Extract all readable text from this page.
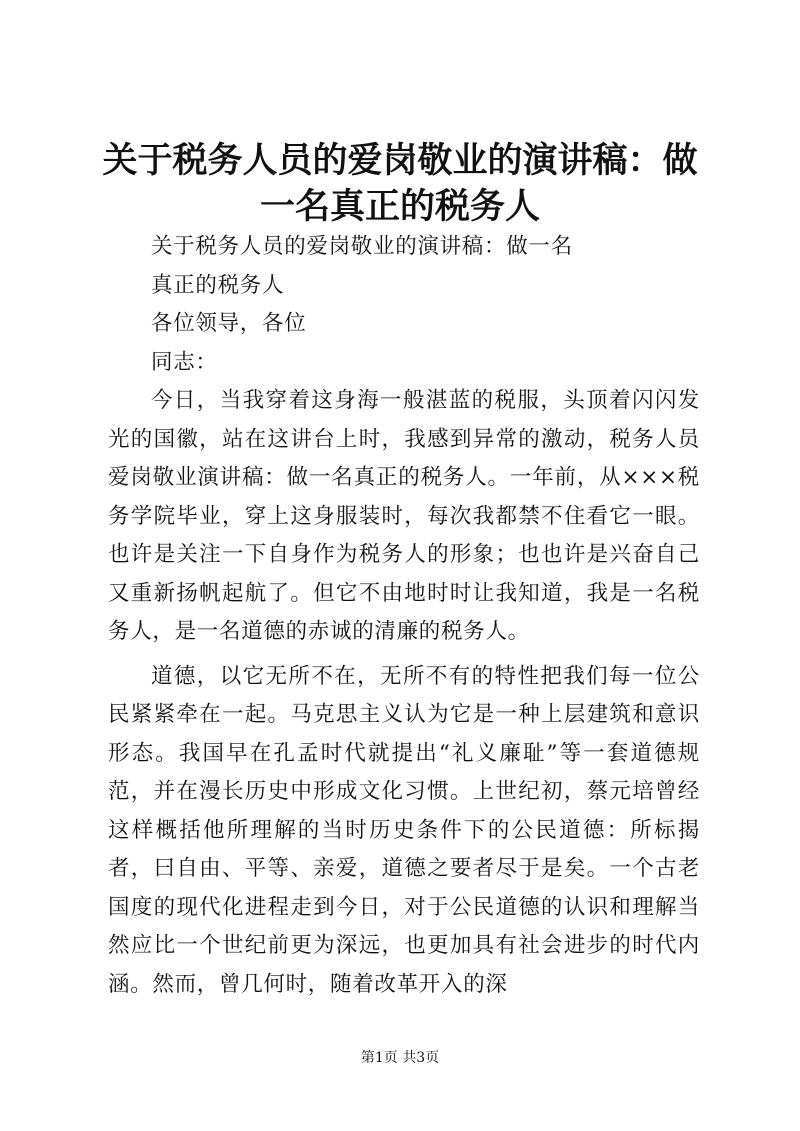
关于税务人员的爱岗敬业的演讲稿：做一名真正的税务人

关于税务人员的爱岗敬业的演讲稿：做一名

真正的税务人

各位领导，各位

同志：

今日，当我穿着这身海一般湛蓝的税服，头顶着闪闪发光的国徽，站在这讲台上时，我感到异常的激动，税务人员爱岗敬业演讲稿：做一名真正的税务人。一年前，从×××税务学院毕业，穿上这身服装时，每次我都禁不住看它一眼。也许是关注一下自身作为税务人的形象；也也许是兴奋自己又重新扬帆起航了。但它不由地时时让我知道，我是一名税务人，是一名道德的赤诚的清廉的税务人。

道德，以它无所不在，无所不有的特性把我们每一位公民紧紧牵在一起。马克思主义认为它是一种上层建筑和意识形态。我国早在孔孟时代就提出“礼义廉耻”等一套道德规范，并在漫长历史中形成文化习惯。上世纪初，蔡元培曾经这样概括他所理解的当时历史条件下的公民道德：所标揭者，曰自由、平等、亲爱，道德之要者尽于是矣。一个古老国度的现代化进程走到今日，对于公民道德的认识和理解当然应比一个世纪前更为深远，也更加具有社会进步的时代内涵。然而，曾几何时，随着改革开入的深

第1页 共3页
